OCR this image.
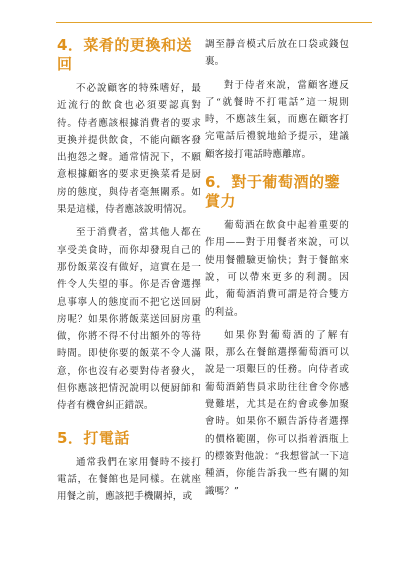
4．菜肴的更換和送回

不必說顧客的特殊嗜好，最近流行的飲食也必須要認真對待。侍者應該根據消費者的要求更換并提供飲食，不能向顧客發出抱怨之聲。通常情況下，不願意根據顧客的要求更換菜肴是厨房的態度，與侍者毫無關系。如果是這樣，侍者應該說明情况。

至于消費者，當其他人都在享受美食時，而你却發現自己的那份飯菜沒有做好，這實在是一件令人失望的事。你是否會選擇息事寧人的態度而不把它送回厨房呢？如果你將飯菜送回厨房重做，你將不得不付出額外的等待時間。即使你要的飯菜不令人滿意，你也沒有必要對侍者發火，但你應該把情況說明以便厨師和侍者有機會糾正錯誤。

5．打電話

通常我們在家用餐時不接打電話，在餐館也是同樣。在就座用餐之前，應該把手機關掉，或

調至靜音模式后放在口袋或錢包裏。

對于侍者來說，當顧客遵反了“就餐時不打電話”這一規則時，不應該生氣，而應在顧客打完電話后禮貌地給予提示，建議顧客接打電話時應離席。

6．對于葡萄酒的鑒賞力

葡萄酒在飲食中起着重要的作用——對于用餐者來說，可以使用餐體驗更愉快；對于餐館來說，可以帶來更多的利潤。因此，葡萄酒消費可謂是符合雙方的利益。

如果你對葡萄酒的了解有限，那么在餐館選擇葡萄酒可以說是一項艱巨的任務。向侍者或葡萄酒銷售員求助往往會令你感覺難堪，尤其是在約會或參加聚會時。如果你不願告訴侍者選擇的價格範圍，你可以指着酒瓶上的標簽對他說：“我想嘗試一下這種酒，你能告訴我一些有關的知識嗎？”
